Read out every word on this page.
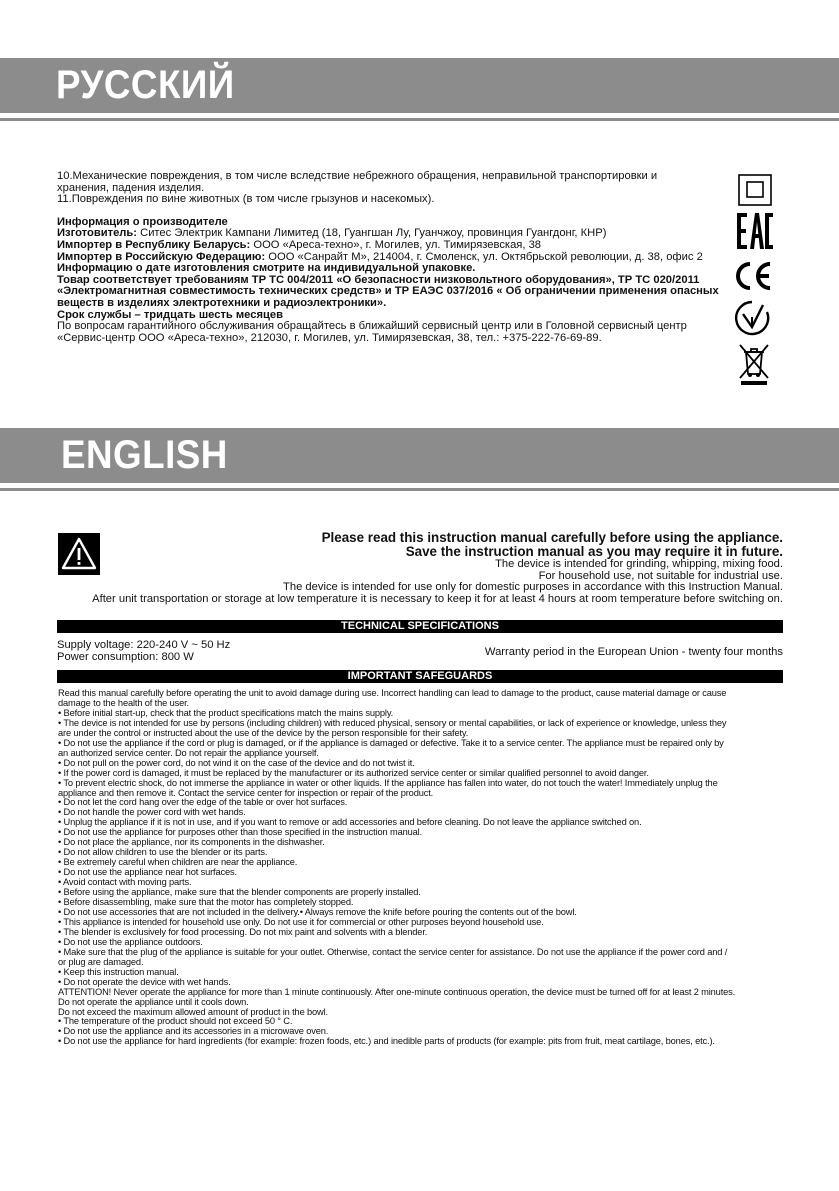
РУССКИЙ

10.Механические повреждения, в том числе вследствие небрежного обращения, неправильной транспортировки и

хранения, падения изделия.

11.Повреждения по вине животных (в том числе грызунов и насекомых).

Информация о производителе

Изготовитель: Ситес Электрик Кампани Лимитед (18, Гуангшан Лу, Гуанчжоу, провинция Гуангдонг, КНР)

Импортер в Республику Беларусь: ООО «Ареса-техно», г. Могилев, ул. Тимирязевская, 38

Импортер в Российскую Федерацию: ООО «Санрайт М», 214004, г. Смоленск, ул. Октябрьской революции, д. 38, офис 2

Информацию о дате изготовления смотрите на индивидуальной упаковке.

Товар соответствует требованиям ТР ТС 004/2011 «О безопасности низковольтного оборудования», ТР ТС 020/2011

«Электромагнитная совместимость технических средств» и ТР ЕАЭС 037/2016 « Об ограничении применения опасных

веществ в изделиях электротехники и радиоэлектроники».

Срок службы – тридцать шесть месяцев

По вопросам гарантийного обслуживания обращайтесь в ближайший сервисный центр или в Головной сервисный центр

«Сервис-центр ООО «Ареса-техно», 212030, г. Могилев, ул. Тимирязевская, 38, тел.: +375-222-76-69-89.

ENGLISH

Please read this instruction manual carefully before using the appliance.

Save the instruction manual as you may require it in future.

The device is intended for grinding, whipping, mixing food.

For household use, not suitable for industrial use.

The device is intended for use only for domestic purposes in accordance with this Instruction Manual.

After unit transportation or storage at low temperature it is necessary to keep it for at least 4 hours at room temperature before switching on.

TECHNICAL SPECIFICATIONS
Supply voltage: 220-240 V ~ 50 Hz
Power consumption: 800 W	Warranty period in the European Union - twenty four months
IMPORTANT SAFEGUARDS

Read this manual carefully before operating the unit to avoid damage during use. Incorrect handling can lead to damage to the product, cause material damage or cause

damage to the health of the user.

• Before initial start-up, check that the product specifications match the mains supply.

• The device is not intended for use by persons (including children) with reduced physical, sensory or mental capabilities, or lack of experience or knowledge, unless they

are under the control or instructed about the use of the device by the person responsible for their safety.

• Do not use the appliance if the cord or plug is damaged, or if the appliance is damaged or defective. Take it to a service center. The appliance must be repaired only by

an authorized service center. Do not repair the appliance yourself.

• Do not pull on the power cord, do not wind it on the case of the device and do not twist it.

• If the power cord is damaged, it must be replaced by the manufacturer or its authorized service center or similar qualified personnel to avoid danger.

• To prevent electric shock, do not immerse the appliance in water or other liquids. If the appliance has fallen into water, do not touch the water! Immediately unplug the

appliance and then remove it. Contact the service center for inspection or repair of the product.

• Do not let the cord hang over the edge of the table or over hot surfaces.

• Do not handle the power cord with wet hands.

• Unplug the appliance if it is not in use, and if you want to remove or add accessories and before cleaning. Do not leave the appliance switched on.

• Do not use the appliance for purposes other than those specified in the instruction manual.

• Do not place the appliance, nor its components in the dishwasher.

• Do not allow children to use the blender or its parts.

• Be extremely careful when children are near the appliance.

• Do not use the appliance near hot surfaces.

• Avoid contact with moving parts.

• Before using the appliance, make sure that the blender components are properly installed.

• Before disassembling, make sure that the motor has completely stopped.

• Do not use accessories that are not included in the delivery.• Always remove the knife before pouring the contents out of the bowl.

• This appliance is intended for household use only. Do not use it for commercial or other purposes beyond household use.

• The blender is exclusively for food processing. Do not mix paint and solvents with a blender.

• Do not use the appliance outdoors.

• Make sure that the plug of the appliance is suitable for your outlet. Otherwise, contact the service center for assistance. Do not use the appliance if the power cord and /

or plug are damaged.

• Keep this instruction manual.

• Do not operate the device with wet hands.

ATTENTION! Never operate the appliance for more than 1 minute continuously. After one-minute continuous operation, the device must be turned off for at least 2 minutes.

Do not operate the appliance until it cools down.

Do not exceed the maximum allowed amount of product in the bowl.

• The temperature of the product should not exceed 50 ° C.

• Do not use the appliance and its accessories in a microwave oven.

• Do not use the appliance for hard ingredients (for example: frozen foods, etc.) and inedible parts of products (for example: pits from fruit, meat cartilage, bones, etc.).
